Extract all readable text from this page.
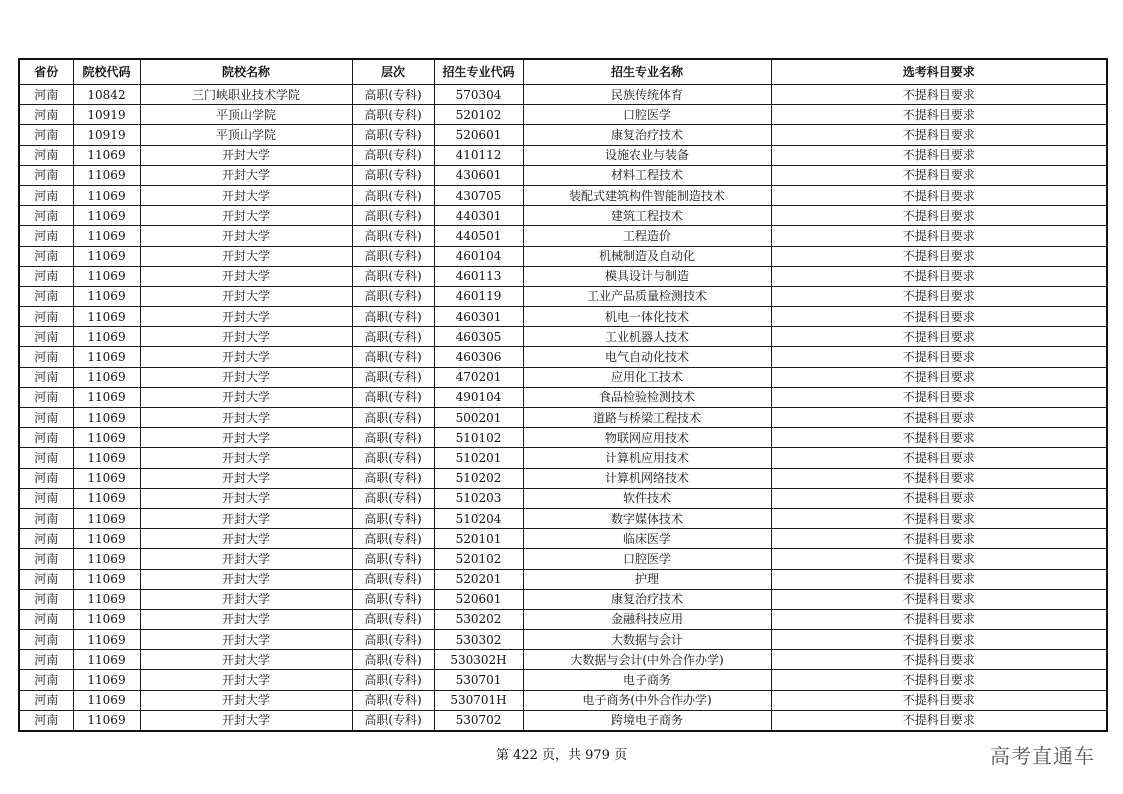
省份	院校代码	院校名称	层次	招生专业代码	招生专业名称	选考科目要求
河南	10842	三门峡职业技术学院	高职(专科)	570304	民族传统体育	不提科目要求
河南	10919	平顶山学院	高职(专科)	520102	口腔医学	不提科目要求
河南	10919	平顶山学院	高职(专科)	520601	康复治疗技术	不提科目要求
河南	11069	开封大学	高职(专科)	410112	设施农业与装备	不提科目要求
河南	11069	开封大学	高职(专科)	430601	材料工程技术	不提科目要求
河南	11069	开封大学	高职(专科)	430705	装配式建筑构件智能制造技术	不提科目要求
河南	11069	开封大学	高职(专科)	440301	建筑工程技术	不提科目要求
河南	11069	开封大学	高职(专科)	440501	工程造价	不提科目要求
河南	11069	开封大学	高职(专科)	460104	机械制造及自动化	不提科目要求
河南	11069	开封大学	高职(专科)	460113	模具设计与制造	不提科目要求
河南	11069	开封大学	高职(专科)	460119	工业产品质量检测技术	不提科目要求
河南	11069	开封大学	高职(专科)	460301	机电一体化技术	不提科目要求
河南	11069	开封大学	高职(专科)	460305	工业机器人技术	不提科目要求
河南	11069	开封大学	高职(专科)	460306	电气自动化技术	不提科目要求
河南	11069	开封大学	高职(专科)	470201	应用化工技术	不提科目要求
河南	11069	开封大学	高职(专科)	490104	食品检验检测技术	不提科目要求
河南	11069	开封大学	高职(专科)	500201	道路与桥梁工程技术	不提科目要求
河南	11069	开封大学	高职(专科)	510102	物联网应用技术	不提科目要求
河南	11069	开封大学	高职(专科)	510201	计算机应用技术	不提科目要求
河南	11069	开封大学	高职(专科)	510202	计算机网络技术	不提科目要求
河南	11069	开封大学	高职(专科)	510203	软件技术	不提科目要求
河南	11069	开封大学	高职(专科)	510204	数字媒体技术	不提科目要求
河南	11069	开封大学	高职(专科)	520101	临床医学	不提科目要求
河南	11069	开封大学	高职(专科)	520102	口腔医学	不提科目要求
河南	11069	开封大学	高职(专科)	520201	护理	不提科目要求
河南	11069	开封大学	高职(专科)	520601	康复治疗技术	不提科目要求
河南	11069	开封大学	高职(专科)	530202	金融科技应用	不提科目要求
河南	11069	开封大学	高职(专科)	530302	大数据与会计	不提科目要求
河南	11069	开封大学	高职(专科)	530302H	大数据与会计(中外合作办学)	不提科目要求
河南	11069	开封大学	高职(专科)	530701	电子商务	不提科目要求
河南	11069	开封大学	高职(专科)	530701H	电子商务(中外合作办学)	不提科目要求
河南	11069	开封大学	高职(专科)	530702	跨境电子商务	不提科目要求
第 422 页，共 979 页	高考直通车
